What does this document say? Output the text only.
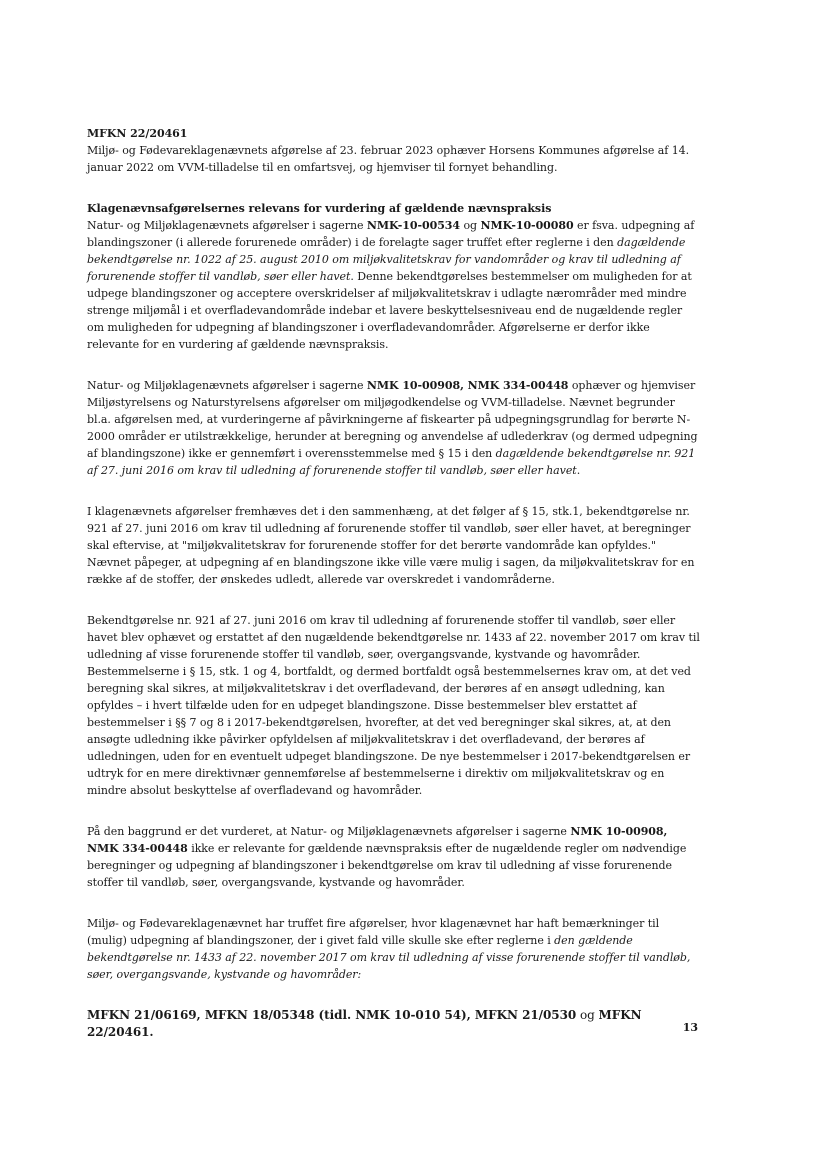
MFKN 22/20461
Miljø- og Fødevareklagenævnets afgørelse af 23. februar 2023 ophæver Horsens Kommunes afgørelse af 14. januar 2022 om VVM-tilladelse til en omfartsvej, og hjemviser til fornyet behandling.

Klagenævnsafgørelsernes relevans for vurdering af gældende nævnspraksis
Natur- og Miljøklagenævnets afgørelser i sagerne NMK-10-00534 og NMK-10-00080 er fsva. udpegning af blandingszoner (i allerede forurenede områder) i de forelagte sager truffet efter reglerne i den dagældende bekendtgørelse nr. 1022 af 25. august 2010 om miljøkvalitetskrav for vandområder og krav til udledning af forurenende stoffer til vandløb, søer eller havet. Denne bekendtgørelses bestemmelser om muligheden for at udpege blandingszoner og acceptere overskridelser af miljøkvalitetskrav i udlagte nærområder med mindre strenge miljømål i et overfladevandområde indebar et lavere beskyttelsesniveau end de nugældende regler om muligheden for udpegning af blandingszoner i overfladevandområder. Afgørelserne er derfor ikke relevante for en vurdering af gældende nævnspraksis.

Natur- og Miljøklagenævnets afgørelser i sagerne NMK 10-00908, NMK 334-00448 ophæver og hjemviser Miljøstyrelsens og Naturstyrelsens afgørelser om miljøgodkendelse og VVM-tilladelse. Nævnet begrunder bl.a. afgørelsen med, at vurderingerne af påvirkningerne af fiskearter på udpegningsgrundlag for berørte N-2000 områder er utilstrækkelige, herunder at beregning og anvendelse af udlederkrav (og dermed udpegning af blandingszone) ikke er gennemført i overensstemmelse med § 15 i den dagældende bekendtgørelse nr. 921 af 27. juni 2016 om krav til udledning af forurenende stoffer til vandløb, søer eller havet.

I klagenævnets afgørelser fremhæves det i den sammenhæng, at det følger af § 15, stk.1, bekendtgørelse nr. 921 af 27. juni 2016 om krav til udledning af forurenende stoffer til vandløb, søer eller havet, at beregninger skal eftervise, at "miljøkvalitetskrav for forurenende stoffer for det berørte vandområde kan opfyldes." Nævnet påpeger, at udpegning af en blandingszone ikke ville være mulig i sagen, da miljøkvalitetskrav for en række af de stoffer, der ønskedes udledt, allerede var overskredet i vandområderne.

Bekendtgørelse nr. 921 af 27. juni 2016 om krav til udledning af forurenende stoffer til vandløb, søer eller havet blev ophævet og erstattet af den nugældende bekendtgørelse nr. 1433 af 22. november 2017 om krav til udledning af visse forurenende stoffer til vandløb, søer, overgangsvande, kystvande og havområder. Bestemmelserne i § 15, stk. 1 og 4, bortfaldt, og dermed bortfaldt også bestemmelsernes krav om, at det ved beregning skal sikres, at miljøkvalitetskrav i det overfladevand, der berøres af en ansøgt udledning, kan opfyldes – i hvert tilfælde uden for en udpeget blandingszone. Disse bestemmelser blev erstattet af bestemmelser i §§ 7 og 8 i 2017-bekendtgørelsen, hvorefter, at det ved beregninger skal sikres, at, at den ansøgte udledning ikke påvirker opfyldelsen af miljøkvalitetskrav i det overfladevand, der berøres af udledningen, uden for en eventuelt udpeget blandingszone. De nye bestemmelser i 2017-bekendtgørelsen er udtryk for en mere direktivnær gennemførelse af bestemmelserne i direktiv om miljøkvalitetskrav og en mindre absolut beskyttelse af overfladevand og havområder.

På den baggrund er det vurderet, at Natur- og Miljøklagenævnets afgørelser i sagerne NMK 10-00908, NMK 334-00448 ikke er relevante for gældende nævnspraksis efter de nugældende regler om nødvendige beregninger og udpegning af blandingszoner i bekendtgørelse om krav til udledning af visse forurenende stoffer til vandløb, søer, overgangsvande, kystvande og havområder.

Miljø- og Fødevareklagenævnet har truffet fire afgørelser, hvor klagenævnet har haft bemærkninger til (mulig) udpegning af blandingszoner, der i givet fald ville skulle ske efter reglerne i den gældende bekendtgørelse nr. 1433 af 22. november 2017 om krav til udledning af visse forurenende stoffer til vandløb, søer, overgangsvande, kystvande og havområder:

MFKN 21/06169, MFKN 18/05348 (tidl. NMK 10-010 54), MFKN 21/0530 og MFKN 22/20461.	13
